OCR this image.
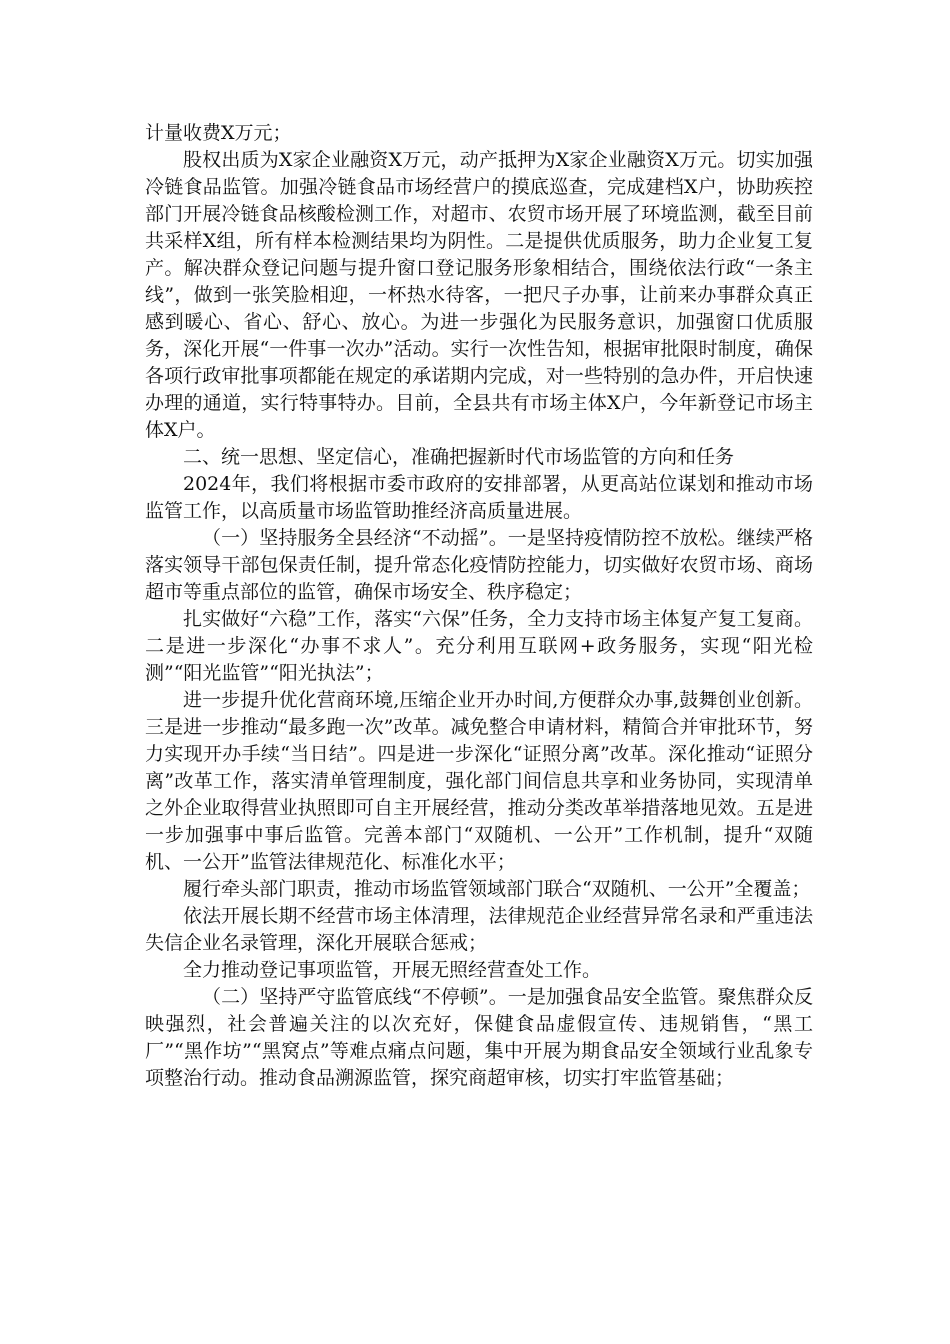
计量收费Ⅹ万元；

股权出质为Ⅹ家企业融资Ⅹ万元，动产抵押为Ⅹ家企业融资Ⅹ万元。切实加强冷链食品监管。加强冷链食品市场经营户的摸底巡查，完成建档Ⅹ户，协助疾控部门开展冷链食品核酸检测工作，对超市、农贸市场开展了环境监测，截至目前共采样Ⅹ组，所有样本检测结果均为阴性。二是提供优质服务，助力企业复工复产。解决群众登记问题与提升窗口登记服务形象相结合，围绕依法行政“一条主线”，做到一张笑脸相迎，一杯热水待客，一把尺子办事，让前来办事群众真正感到暖心、省心、舒心、放心。为进一步强化为民服务意识，加强窗口优质服务，深化开展“一件事一次办”活动。实行一次性告知，根据审批限时制度，确保各项行政审批事项都能在规定的承诺期内完成，对一些特别的急办件，开启快速办理的通道，实行特事特办。目前，全县共有市场主体Ⅹ户，今年新登记市场主体Ⅹ户。

二、统一思想、坚定信心，准确把握新时代市场监管的方向和任务

2024年，我们将根据市委市政府的安排部署，从更高站位谋划和推动市场监管工作，以高质量市场监管助推经济高质量进展。

（一）坚持服务全县经济“不动摇”。一是坚持疫情防控不放松。继续严格落实领导干部包保责任制，提升常态化疫情防控能力，切实做好农贸市场、商场超市等重点部位的监管，确保市场安全、秩序稳定；

扎实做好“六稳”工作，落实“六保”任务，全力支持市场主体复产复工复商。二是进一步深化“办事不求人”。充分利用互联网+政务服务，实现“阳光检测”“阳光监管”“阳光执法”；

进一步提升优化营商环境,压缩企业开办时间,方便群众办事,鼓舞创业创新。三是进一步推动“最多跑一次”改革。减免整合申请材料，精简合并审批环节，努力实现开办手续“当日结”。四是进一步深化“证照分离”改革。深化推动“证照分离”改革工作，落实清单管理制度，强化部门间信息共享和业务协同，实现清单之外企业取得营业执照即可自主开展经营，推动分类改革举措落地见效。五是进一步加强事中事后监管。完善本部门“双随机、一公开”工作机制，提升“双随机、一公开”监管法律规范化、标准化水平；

履行牵头部门职责，推动市场监管领域部门联合“双随机、一公开”全覆盖；

依法开展长期不经营市场主体清理，法律规范企业经营异常名录和严重违法失信企业名录管理，深化开展联合惩戒；

全力推动登记事项监管，开展无照经营查处工作。

（二）坚持严守监管底线“不停顿”。一是加强食品安全监管。聚焦群众反映强烈，社会普遍关注的以次充好，保健食品虚假宣传、违规销售，“黑工厂”“黑作坊”“黑窝点”等难点痛点问题，集中开展为期食品安全领域行业乱象专项整治行动。推动食品溯源监管，探究商超审核，切实打牢监管基础；
